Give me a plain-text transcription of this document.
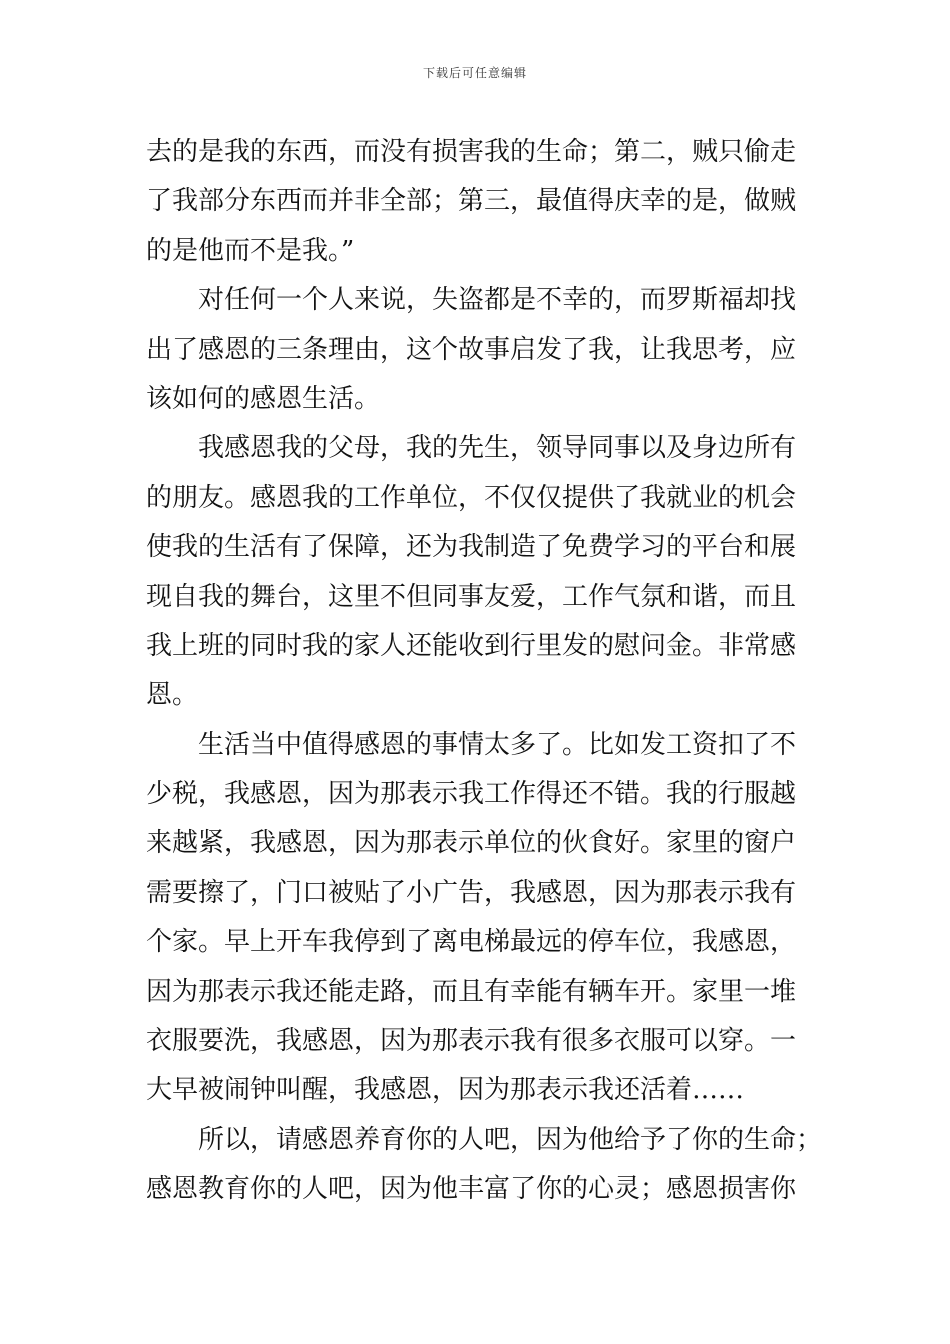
下载后可任意编辑
去的是我的东西，而没有损害我的生命；第二，贼只偷走
了我部分东西而并非全部；第三，最值得庆幸的是，做贼
的是他而不是我。”
对任何一个人来说，失盗都是不幸的，而罗斯福却找
出了感恩的三条理由，这个故事启发了我，让我思考，应
该如何的感恩生活。
我感恩我的父母，我的先生，领导同事以及身边所有
的朋友。感恩我的工作单位，不仅仅提供了我就业的机会
使我的生活有了保障，还为我制造了免费学习的平台和展
现自我的舞台，这里不但同事友爱，工作气氛和谐，而且
我上班的同时我的家人还能收到行里发的慰问金。非常感
恩。
生活当中值得感恩的事情太多了。比如发工资扣了不
少税，我感恩，因为那表示我工作得还不错。我的行服越
来越紧，我感恩，因为那表示单位的伙食好。家里的窗户
需要擦了，门口被贴了小广告，我感恩，因为那表示我有
个家。早上开车我停到了离电梯最远的停车位，我感恩，
因为那表示我还能走路，而且有幸能有辆车开。家里一堆
衣服要洗，我感恩，因为那表示我有很多衣服可以穿。一
大早被闹钟叫醒，我感恩，因为那表示我还活着……
所以，请感恩养育你的人吧，因为他给予了你的生命；
感恩教育你的人吧，因为他丰富了你的心灵；感恩损害你
